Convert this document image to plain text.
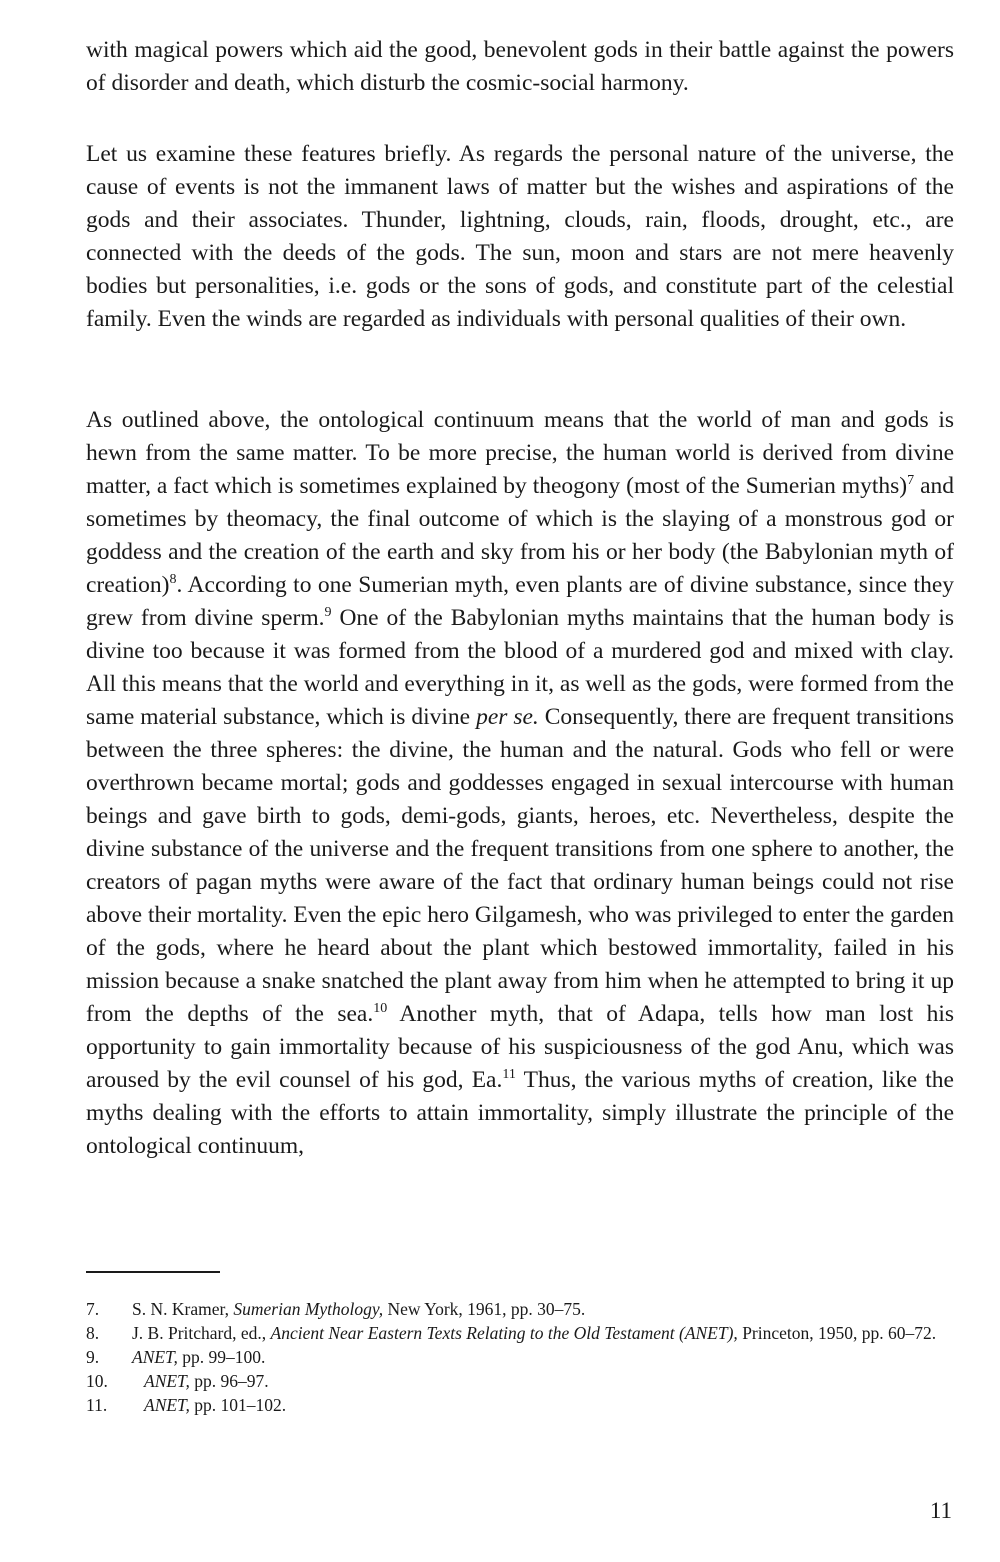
with magical powers which aid the good, benevolent gods in their battle against the powers of disorder and death, which disturb the cosmic-social harmony.

Let us examine these features briefly. As regards the personal nature of the universe, the cause of events is not the immanent laws of matter but the wishes and aspirations of the gods and their associates. Thunder, lightning, clouds, rain, floods, drought, etc., are connected with the deeds of the gods. The sun, moon and stars are not mere heavenly bodies but personalities, i.e. gods or the sons of gods, and constitute part of the celestial family. Even the winds are regarded as individuals with personal qualities of their own.

As outlined above, the ontological continuum means that the world of man and gods is hewn from the same matter. To be more precise, the human world is derived from divine matter, a fact which is sometimes explained by theogony (most of the Sumerian myths)$^7$ and sometimes by theomacy, the final outcome of which is the slaying of a monstrous god or goddess and the creation of the earth and sky from his or her body (the Babylonian myth of creation)$^8$. According to one Sumerian myth, even plants are of divine substance, since they grew from divine sperm.$^9$ One of the Babylonian myths maintains that the human body is divine too because it was formed from the blood of a murdered god and mixed with clay. All this means that the world and everything in it, as well as the gods, were formed from the same material substance, which is divine per se. Consequently, there are frequent transitions between the three spheres: the divine, the human and the natural. Gods who fell or were overthrown became mortal; gods and goddesses engaged in sexual intercourse with human beings and gave birth to gods, demi-gods, giants, heroes, etc. Nevertheless, despite the divine substance of the universe and the frequent transitions from one sphere to another, the creators of pagan myths were aware of the fact that ordinary human beings could not rise above their mortality. Even the epic hero Gilgamesh, who was privileged to enter the garden of the gods, where he heard about the plant which bestowed immortality, failed in his mission because a snake snatched the plant away from him when he attempted to bring it up from the depths of the sea.$^{10}$ Another myth, that of Adapa, tells how man lost his opportunity to gain immortality because of his suspiciousness of the god Anu, which was aroused by the evil counsel of his god, Ea.$^{11}$ Thus, the various myths of creation, like the myths dealing with the efforts to attain immortality, simply illustrate the principle of the ontological continuum,

7. S. N. Kramer, Sumerian Mythology, New York, 1961, pp. 30–75.

8. J. B. Pritchard, ed., Ancient Near Eastern Texts Relating to the Old Testament (ANET), Princeton, 1950, pp. 60–72.

9. ANET, pp. 99–100.

10. ANET, pp. 96–97.

11. ANET, pp. 101–102.

11
